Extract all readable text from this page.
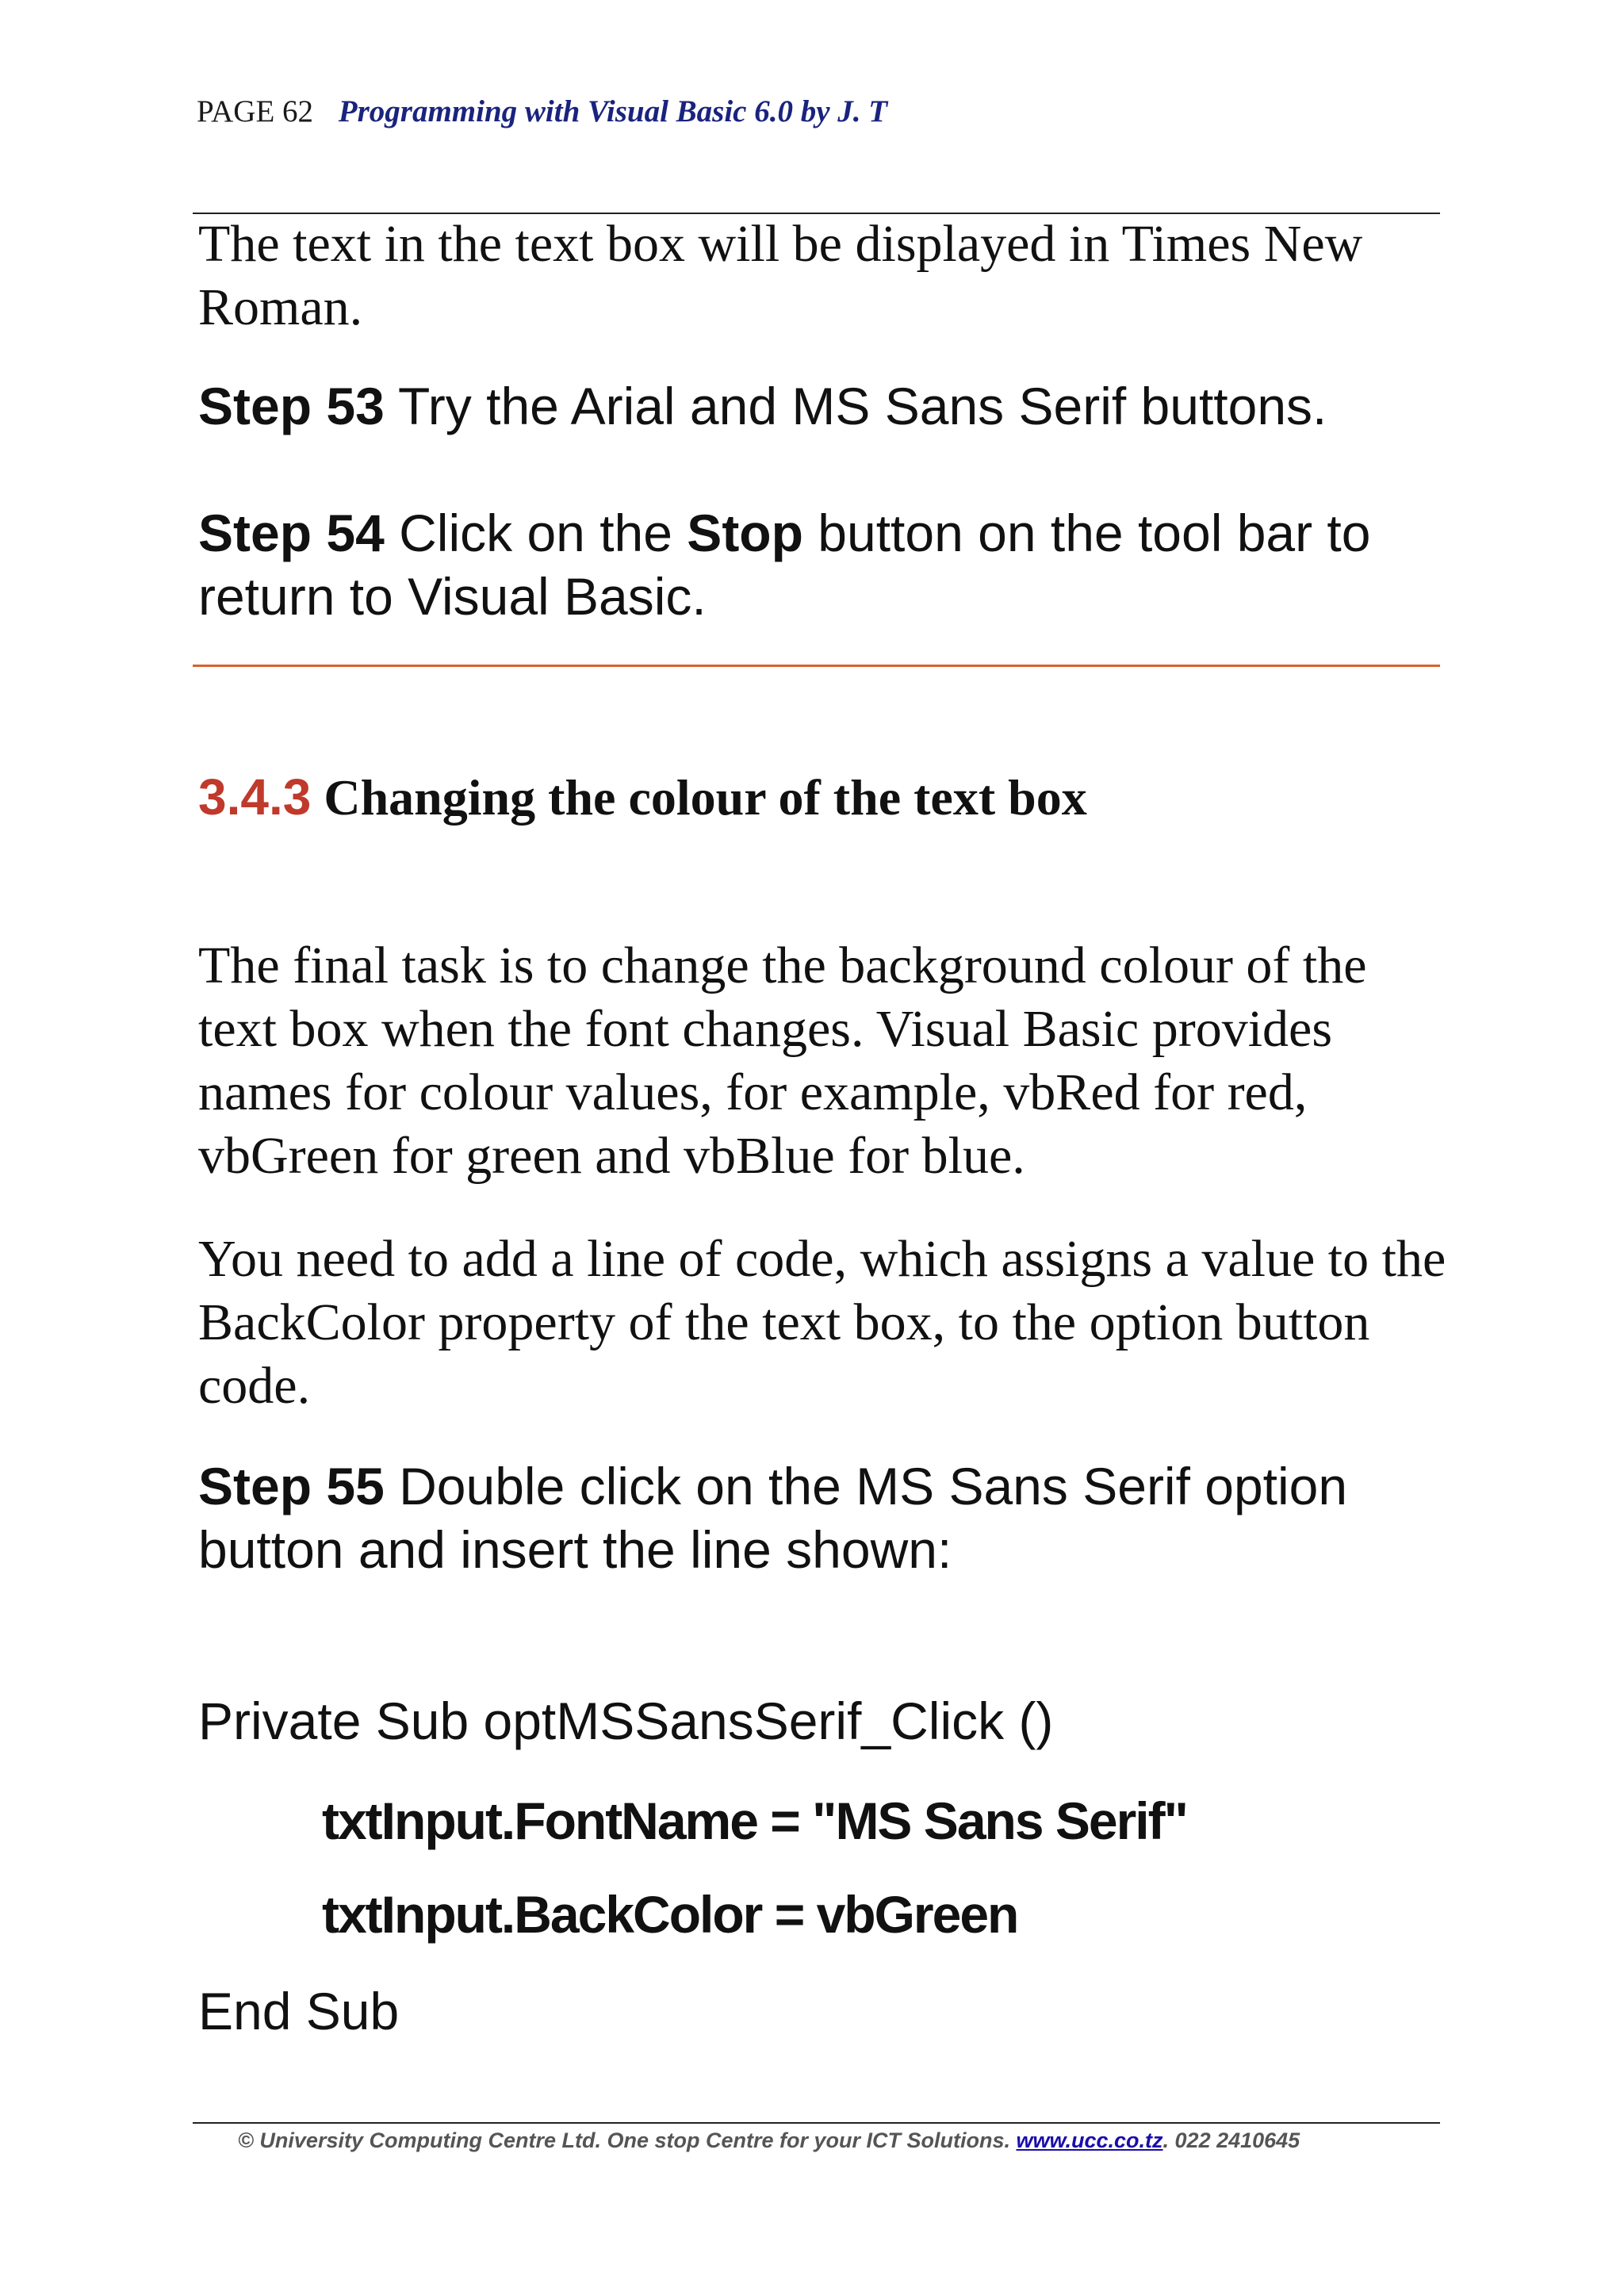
PAGE 62 Programming with Visual Basic 6.0 by J. T

The text in the text box will be displayed in Times New Roman.

Step 53 Try the Arial and MS Sans Serif buttons.

Step 54 Click on the Stop button on the tool bar to return to Visual Basic.

3.4.3 Changing the colour of the text box

The final task is to change the background colour of the text box when the font changes. Visual Basic provides names for colour values, for example, vbRed for red, vbGreen for green and vbBlue for blue.

You need to add a line of code, which assigns a value to the BackColor property of the text box, to the option button code.

Step 55 Double click on the MS Sans Serif option button and insert the line shown:

Private Sub optMSSansSerif_Click ()

txtInput.FontName = "MS Sans Serif"

txtInput.BackColor = vbGreen

End Sub

© University Computing Centre Ltd. One stop Centre for your ICT Solutions. www.ucc.co.tz. 022 2410645
